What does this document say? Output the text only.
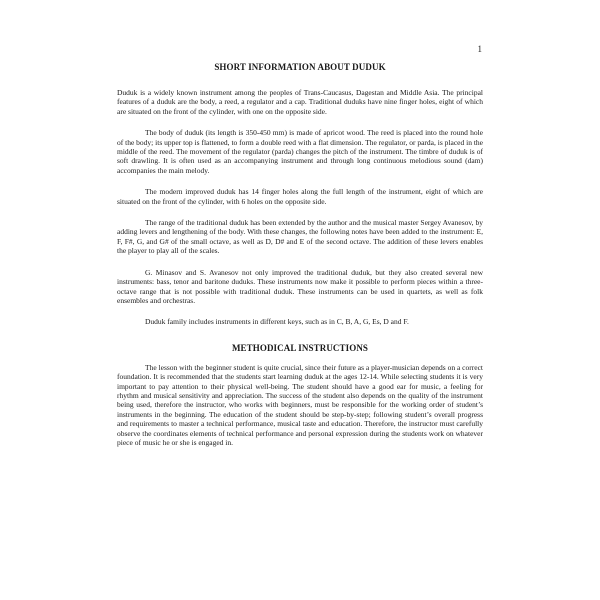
1
SHORT INFORMATION ABOUT DUDUK

Duduk is a widely known instrument among the peoples of Trans-Caucasus, Dagestan and Middle Asia. The principal features of a duduk are the body, a reed, a regulator and a cap. Traditional duduks have nine finger holes, eight of which are situated on the front of the cylinder, with one on the opposite side.

The body of duduk (its length is 350-450 mm) is made of apricot wood. The reed is placed into the round hole of the body; its upper top is flattened, to form a double reed with a flat dimension. The regulator, or parda, is placed in the middle of the reed. The movement of the regulator (parda) changes the pitch of the instrument. The timbre of duduk is of soft drawling. It is often used as an accompanying instrument and through long continuous melodious sound (dam) accompanies the main melody.

The modern improved duduk has 14 finger holes along the full length of the instrument, eight of which are situated on the front of the cylinder, with 6 holes on the opposite side.

The range of the traditional duduk has been extended by the author and the musical master Sergey Avanesov, by adding levers and lengthening of the body. With these changes, the following notes have been added to the instrument: E, F, F#, G, and G# of the small octave, as well as D, D# and E of the second octave. The addition of these levers enables the player to play all of the scales.

G. Minasov and S. Avanesov not only improved the traditional duduk, but they also created several new instruments: bass, tenor and baritone duduks. These instruments now make it possible to perform pieces within a three-octave range that is not possible with traditional duduk. These instruments can be used in quartets, as well as folk ensembles and orchestras.

Duduk family includes instruments in different keys, such as in C, B, A, G, Es, D and F.

METHODICAL INSTRUCTIONS

The lesson with the beginner student is quite crucial, since their future as a player-musician depends on a correct foundation. It is recommended that the students start learning duduk at the ages 12-14. While selecting students it is very important to pay attention to their physical well-being. The student should have a good ear for music, a feeling for rhythm and musical sensitivity and appreciation. The success of the student also depends on the quality of the instrument being used, therefore the instructor, who works with beginners, must be responsible for the working order of student’s instruments in the beginning. The education of the student should be step-by-step; following student’s overall progress and requirements to master a technical performance, musical taste and education. Therefore, the instructor must carefully observe the coordinates elements of technical performance and personal expression during the students work on whatever piece of music he or she is engaged in.
